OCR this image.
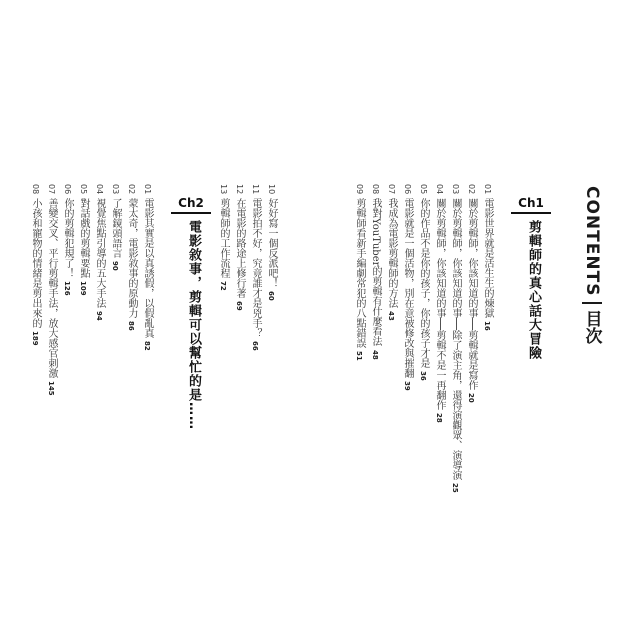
CONTENTS
目次
Ch1
剪輯師的真心話大冒險
Ch2
電影敘事，剪輯可以幫忙的是……
01電影世界就是活生生的煉獄16
02關於剪輯師，你該知道的事──剪輯就是寫作20
03關於剪輯師，你該知道的事──除了演主角，還得演觀眾、演導演25
04關於剪輯師，你該知道的事──剪輯不是一再翻作28
05你的作品不是你的孩子，你的孩子才是36
06電影就是一個活物，別在意被修改與摧翻39
07我成為電影剪輯師的方法43
08我對YouTuber的剪輯有什麼看法48
09剪輯師看新手編劇常犯的八點錯誤51
10好好寫一個反派吧！60
11電影拍不好，究竟誰才是兇手？66
12在電影的路途上修行著69
13剪輯師的工作流程72
01電影其實是以真誘假，以假亂真82
02蒙太奇，電影敘事的原動力86
03了解鏡頭語言90
04視覺焦點引導的五大手法94
05對話戲的剪輯要點109
06你的剪輯犯規了！126
07善變交叉、平行剪輯手法，放大感官刺激145
08小孩和寵物的情緒是剪出來的189
